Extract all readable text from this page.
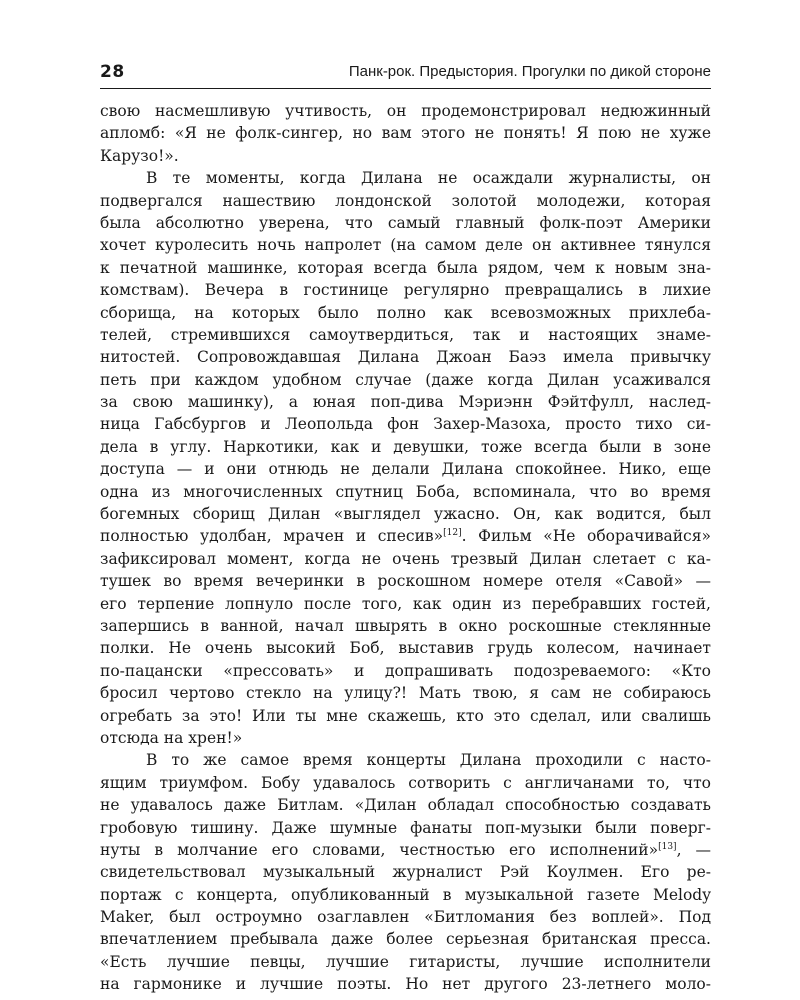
28	Панк-рок. Предыстория. Прогулки по дикой стороне
свою насмешливую учтивость, он продемонстрировал недюжинный
апломб: «Я не фолк-сингер, но вам этого не понять! Я пою не хуже
Карузо!».
В те моменты, когда Дилана не осаждали журналисты, он
подвергался нашествию лондонской золотой молодежи, которая
была абсолютно уверена, что самый главный фолк-поэт Америки
хочет куролесить ночь напролет (на самом деле он активнее тянулся
к печатной машинке, которая всегда была рядом, чем к новым зна-
комствам). Вечера в гостинице регулярно превращались в лихие
сборища, на которых было полно как всевозможных прихлеба-
телей, стремившихся самоутвердиться, так и настоящих знаме-
нитостей. Сопровождавшая Дилана Джоан Баэз имела привычку
петь при каждом удобном случае (даже когда Дилан усаживался
за свою машинку), а юная поп-дива Мэриэнн Фэйтфулл, наслед-
ница Габсбургов и Леопольда фон Захер-Мазоха, просто тихо си-
дела в углу. Наркотики, как и девушки, тоже всегда были в зоне
доступа — и они отнюдь не делали Дилана спокойнее. Нико, еще
одна из многочисленных спутниц Боба, вспоминала, что во время
богемных сборищ Дилан «выглядел ужасно. Он, как водится, был
полностью удолбан, мрачен и спесив»[12]. Фильм «Не оборачивайся»
зафиксировал момент, когда не очень трезвый Дилан слетает с ка-
тушек во время вечеринки в роскошном номере отеля «Савой» —
его терпение лопнуло после того, как один из перебравших гостей,
запершись в ванной, начал швырять в окно роскошные стеклянные
полки. Не очень высокий Боб, выставив грудь колесом, начинает
по-пацански «прессовать» и допрашивать подозреваемого: «Кто
бросил чертово стекло на улицу?! Мать твою, я сам не собираюсь
огребать за это! Или ты мне скажешь, кто это сделал, или свалишь
отсюда на хрен!»
В то же самое время концерты Дилана проходили с насто-
ящим триумфом. Бобу удавалось сотворить с англичанами то, что
не удавалось даже Битлам. «Дилан обладал способностью создавать
гробовую тишину. Даже шумные фанаты поп-музыки были поверг-
нуты в молчание его словами, честностью его исполнений»[13], —
свидетельствовал музыкальный журналист Рэй Коулмен. Его ре-
портаж с концерта, опубликованный в музыкальной газете Melody
Maker, был остроумно озаглавлен «Битломания без воплей». Под
впечатлением пребывала даже более серьезная британская пресса.
«Есть лучшие певцы, лучшие гитаристы, лучшие исполнители
на гармонике и лучшие поэты. Но нет другого 23-летнего моло-
